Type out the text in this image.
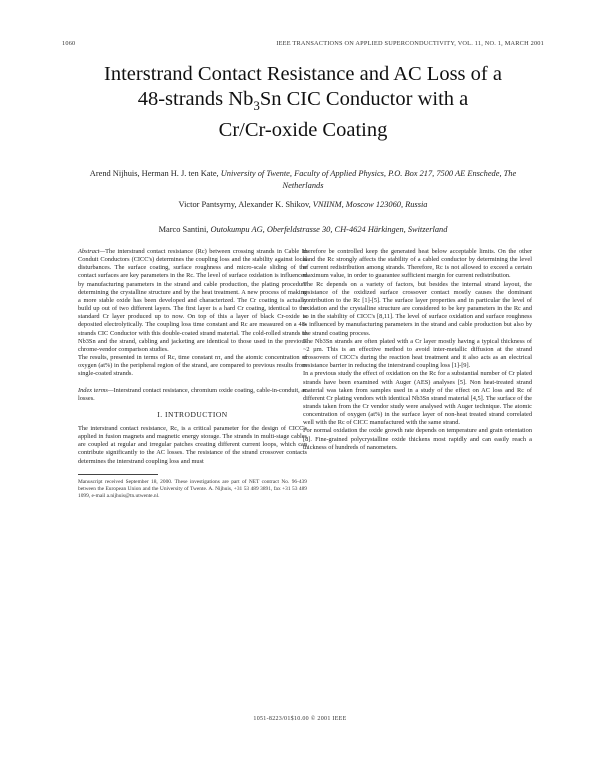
1060	IEEE TRANSACTIONS ON APPLIED SUPERCONDUCTIVITY, VOL. 11, NO. 1, MARCH 2001
Interstrand Contact Resistance and AC Loss of a
48-strands $Nb_3Sn$ CIC Conductor with a
Cr/Cr-oxide Coating
Arend Nijhuis, Herman H. J. ten Kate, University of Twente, Faculty of Applied Physics, P.O. Box 217, 7500 AE Enschede, The Netherlands
Victor Pantsyrny, Alexander K. Shikov, VNIINM, Moscow 123060, Russia
Marco Santini, Outokumpu AG, Oberfeldstrasse 30, CH-4624 Härkingen, Switzerland

Abstract—The interstrand contact resistance (Rc) between crossing strands in Cable In Conduit Conductors (CICC's) determines the coupling loss and the stability against local disturbances. The surface coating, surface roughness and micro-scale sliding of the contact surfaces are key parameters in the Rc. The level of surface oxidation is influenced by manufacturing parameters in the strand and cable production, the plating procedure determining the crystalline structure and by the heat treatment. A new process of making a more stable oxide has been developed and characterized. The Cr coating is actually build up out of two different layers. The first layer is a hard Cr coating, identical to the standard Cr layer produced up to now. On top of this a layer of black Cr-oxide is deposited electrolytically. The coupling loss time constant and Rc are measured on a 48-strands CIC Conductor with this double-coated strand material. The cold-rolled strands to Nb3Sn and the strand, cabling and jacketing are identical to those used in the previous chrome-vendor comparison studies.

The results, presented in terms of Rc, time constant nτ, and the atomic concentration of oxygen (at%) in the peripheral region of the strand, are compared to previous results from single-coated strands.

Index terms—Interstrand contact resistance, chromium oxide coating, cable-in-conduit, ac losses.

I. INTRODUCTION

The interstrand contact resistance, Rc, is a critical parameter for the design of CICC's applied in fusion magnets and magnetic energy storage. The strands in multi-stage cables are coupled at regular and irregular patches creating different current loops, which can contribute significantly to the AC losses. The resistance of the strand crossover contacts determines the interstrand coupling loss and must

Manuscript received September 18, 2000. These investigations are part of NET contract No. 96-439 between the European Union and the University of Twente. A. Nijhuis, +31 53 489 3891, fax +31 53 489 1099, e-mail a.nijhuis@tn.utwente.nl.

therefore be controlled keep the generated heat below acceptable limits. On the other hand the Rc strongly affects the stability of a cabled conductor by determining the level of current redistribution among strands. Therefore, Rc is not allowed to exceed a certain maximum value, in order to guarantee sufficient margin for current redistribution.

The Rc depends on a variety of factors, but besides the internal strand layout, the resistance of the oxidized surface crossover contact mostly causes the dominant contribution to the Rc [1]-[5]. The surface layer properties and in particular the level of oxidation and the crystalline structure are considered to be key parameters in the Rc and so in the stability of CICC's [8,11]. The level of surface oxidation and surface roughness is influenced by manufacturing parameters in the strand and cable production but also by the strand coating process.

The Nb3Sn strands are often plated with a Cr layer mostly having a typical thickness of ~2 µm. This is an effective method to avoid inter-metallic diffusion at the strand crossovers of CICC's during the reaction heat treatment and it also acts as an electrical resistance barrier in reducing the interstrand coupling loss [1]-[9].

In a previous study the effect of oxidation on the Rc for a substantial number of Cr plated strands have been examined with Auger (AES) analyses [5]. Non heat-treated strand material was taken from samples used in a study of the effect on AC loss and Rc of different Cr plating vendors with identical Nb3Sn strand material [4,5]. The surface of the strands taken from the Cr vendor study were analysed with Auger technique. The atomic concentration of oxygen (at%) in the surface layer of non-heat treated strand correlated well with the Rc of CICC manufactured with the same strand.

For normal oxidation the oxide growth rate depends on temperature and grain orientation [8]. Fine-grained polycrystalline oxide thickens most rapidly and can easily reach a thickness of hundreds of nanometers.

1051-8223/01$10.00 © 2001 IEEE
